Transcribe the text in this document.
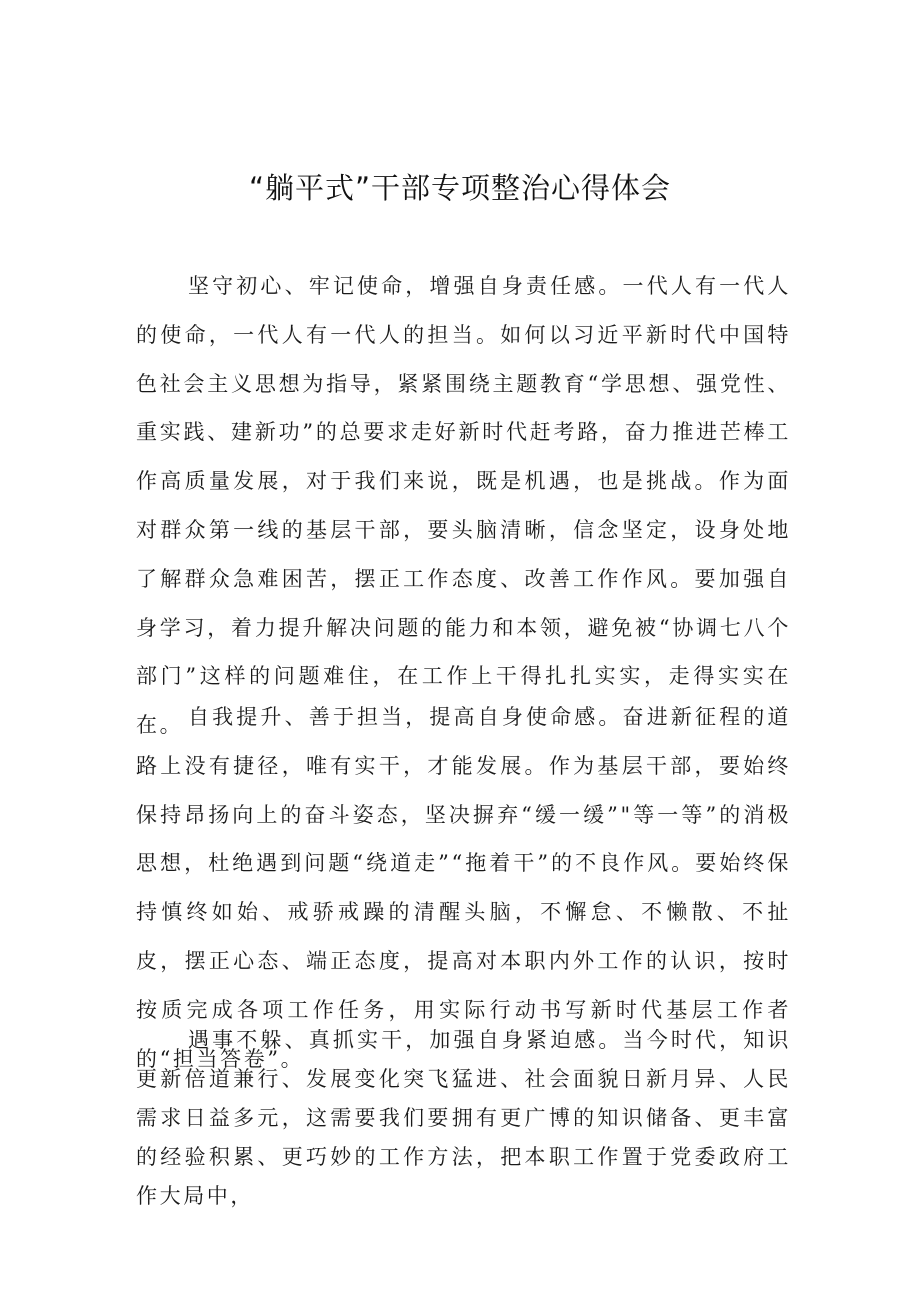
“躺平式”干部专项整治心得体会

坚守初心、牢记使命，增强自身责任感。一代人有一代人的使命，一代人有一代人的担当。如何以习近平新时代中国特色社会主义思想为指导，紧紧围绕主题教育“学思想、强党性、重实践、建新功”的总要求走好新时代赶考路，奋力推进芒棒工作高质量发展，对于我们来说，既是机遇，也是挑战。作为面对群众第一线的基层干部，要头脑清晰，信念坚定，设身处地了解群众急难困苦，摆正工作态度、改善工作作风。要加强自身学习，着力提升解决问题的能力和本领，避免被“协调七八个部门”这样的问题难住，在工作上干得扎扎实实，走得实实在在。 自我提升、善于担当，提高自身使命感。奋进新征程的道路上没有捷径，唯有实干，才能发展。作为基层干部，要始终保持昂扬向上的奋斗姿态，坚决摒弃“缓一缓”"等一等”的消极思想，杜绝遇到问题“绕道走”“拖着干”的不良作风。要始终保持慎终如始、戒骄戒躁的清醒头脑，不懈怠、不懒散、不扯皮，摆正心态、端正态度，提高对本职内外工作的认识，按时按质完成各项工作任务，用实际行动书写新时代基层工作者的“担当答卷”。

遇事不躲、真抓实干，加强自身紧迫感。当今时代，知识更新倍道兼行、发展变化突飞猛进、社会面貌日新月异、人民需求日益多元，这需要我们要拥有更广博的知识储备、更丰富的经验积累、更巧妙的工作方法，把本职工作置于党委政府工作大局中，
